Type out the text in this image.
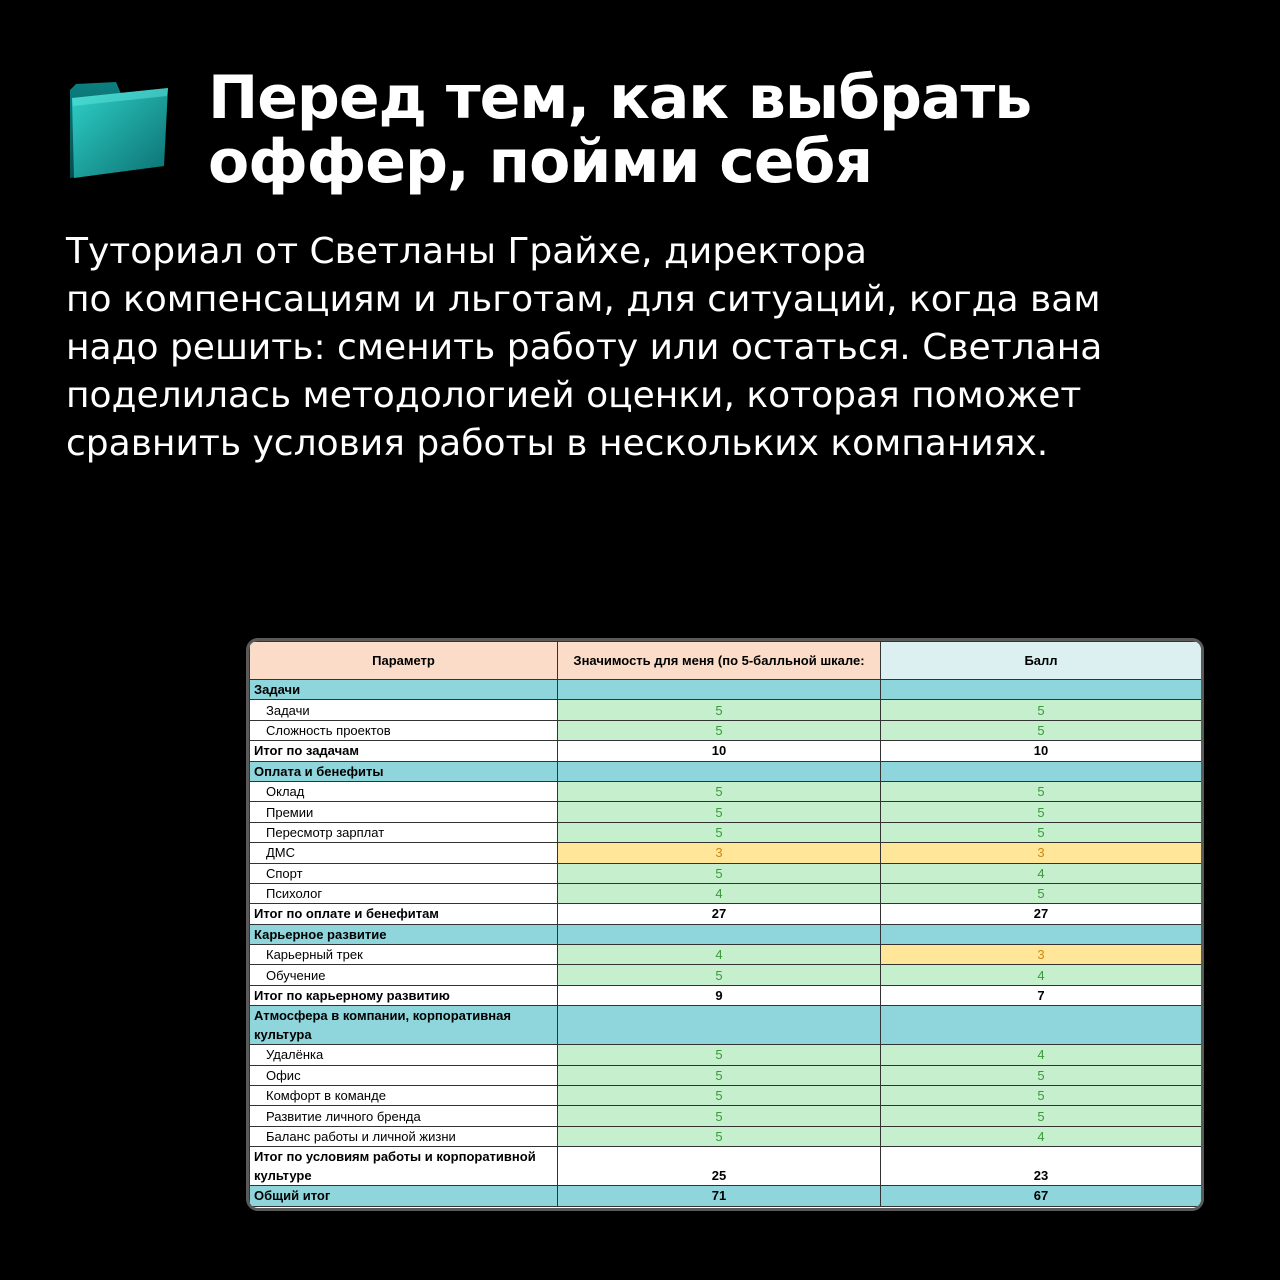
Перед тем, как выбрать
оффер, пойми себя
Туториал от Светланы Грайхе, директора
по компенсациям и льготам, для ситуаций, когда вам
надо решить: сменить работу или остаться. Светлана
поделилась методологией оценки, которая поможет
сравнить условия работы в нескольких компаниях.
Параметр	Значимость для меня (по 5-балльной шкале:	Балл
Задачи		
Задачи	5	5
Сложность проектов	5	5
Итог по задачам	10	10
Оплата и бенефиты		
Оклад	5	5
Премии	5	5
Пересмотр зарплат	5	5
ДМС	3	3
Спорт	5	4
Психолог	4	5
Итог по оплате и бенефитам	27	27
Карьерное развитие		
Карьерный трек	4	3
Обучение	5	4
Итог по карьерному развитию	9	7
Атмосфера в компании, корпоративная культура		
Удалёнка	5	4
Офис	5	5
Комфорт в команде	5	5
Развитие личного бренда	5	5
Баланс работы и личной жизни	5	4
Итог по условиям работы и корпоративной культуре	25	23
Общий итог	71	67
